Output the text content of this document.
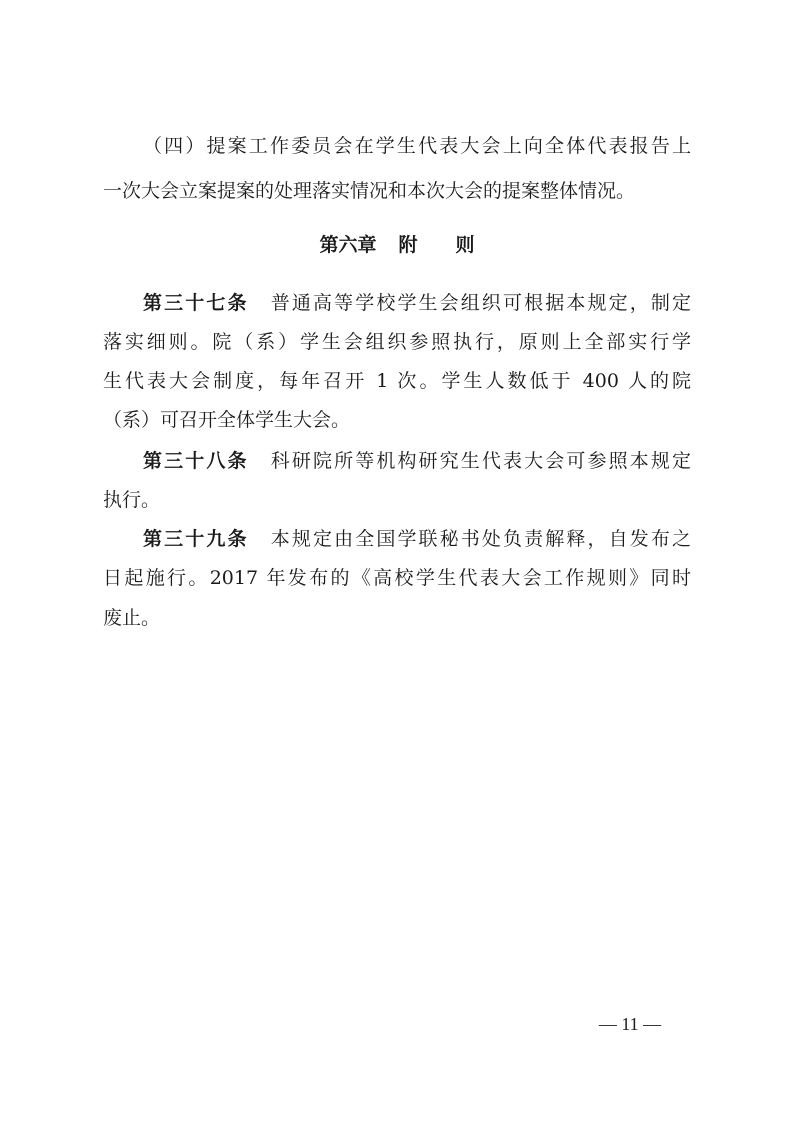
（四）提案工作委员会在学生代表大会上向全体代表报告上
一次大会立案提案的处理落实情况和本次大会的提案整体情况。
第六章 附 则
第三十七条 普通高等学校学生会组织可根据本规定，制定
落实细则。院（系）学生会组织参照执行，原则上全部实行学
生代表大会制度，每年召开 1 次。学生人数低于 400 人的院
（系）可召开全体学生大会。
第三十八条 科研院所等机构研究生代表大会可参照本规定
执行。
第三十九条 本规定由全国学联秘书处负责解释，自发布之
日起施行。2017 年发布的《高校学生代表大会工作规则》同时
废止。
— 11 —
